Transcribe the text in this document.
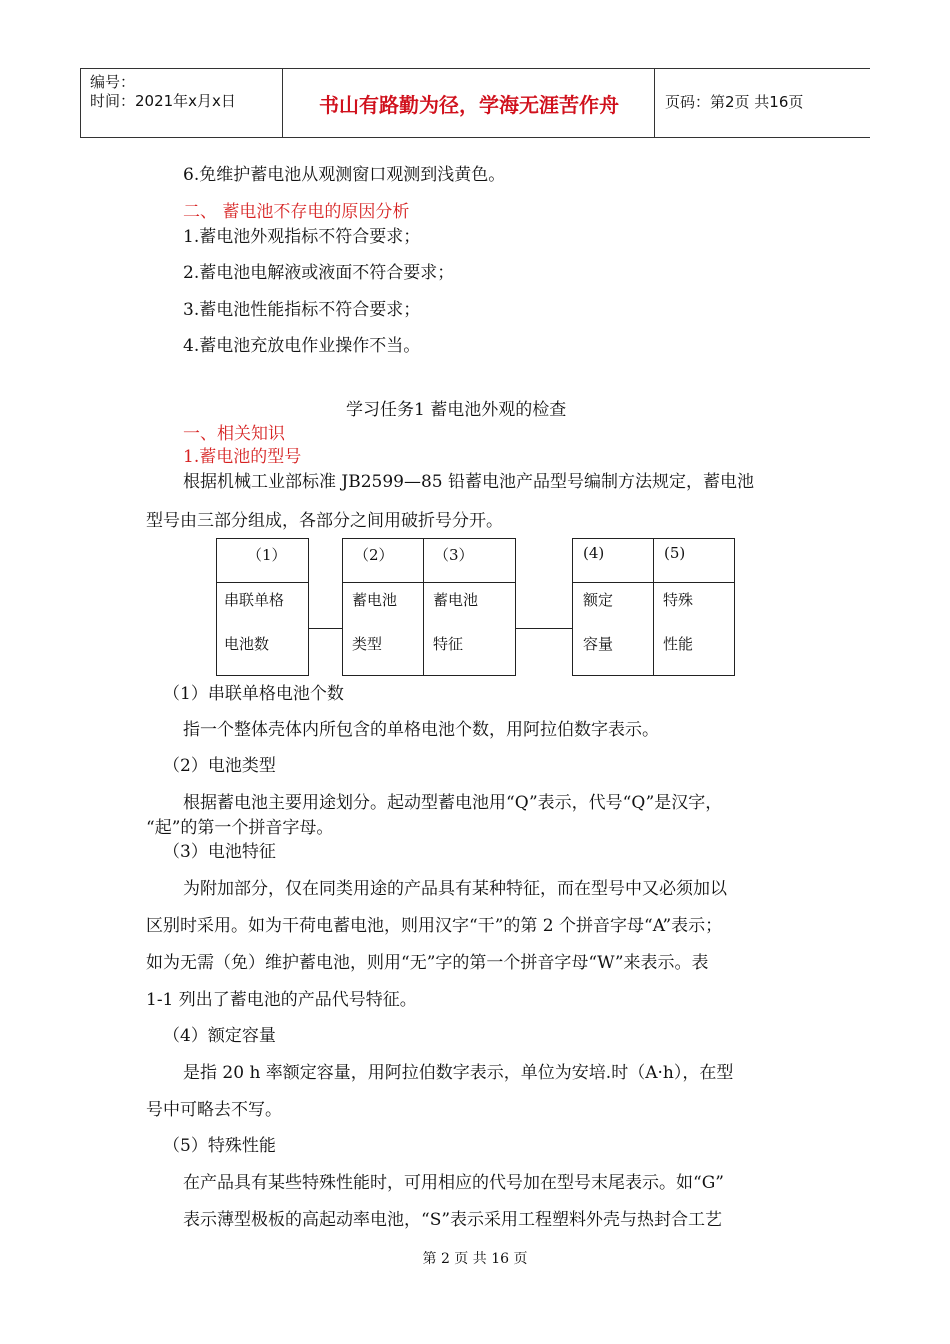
编号：
时间：2021年x月x日	书山有路勤为径，学海无涯苦作舟	页码：第2页 共16页
6.免维护蓄电池从观测窗口观测到浅黄色。
二、 蓄电池不存电的原因分析
1.蓄电池外观指标不符合要求；
2.蓄电池电解液或液面不符合要求；
3.蓄电池性能指标不符合要求；
4.蓄电池充放电作业操作不当。
学习任务1 蓄电池外观的检查
一、相关知识
1.蓄电池的型号
根据机械工业部标准 JB2599—85 铅蓄电池产品型号编制方法规定，蓄电池
型号由三部分组成，各部分之间用破折号分开。
（1）
串联单格
电池数
（2）
蓄电池
类型
（3）
蓄电池
特征
(4)
额定
容量
(5)
特殊
性能
（1）串联单格电池个数
指一个整体壳体内所包含的单格电池个数，用阿拉伯数字表示。
（2）电池类型
根据蓄电池主要用途划分。起动型蓄电池用“Q”表示，代号“Q”是汉字，
“起”的第一个拼音字母。
（3）电池特征
为附加部分，仅在同类用途的产品具有某种特征，而在型号中又必须加以
区别时采用。如为干荷电蓄电池，则用汉字“干”的第 2 个拼音字母“A”表示；
如为无需（免）维护蓄电池，则用“无”字的第一个拼音字母“W”来表示。表
1-1 列出了蓄电池的产品代号特征。
（4）额定容量
是指 20 h 率额定容量，用阿拉伯数字表示，单位为安培.时（A·h），在型
号中可略去不写。
（5）特殊性能
在产品具有某些特殊性能时，可用相应的代号加在型号末尾表示。如“G”
表示薄型极板的高起动率电池，“S”表示采用工程塑料外壳与热封合工艺
第 2 页 共 16 页
